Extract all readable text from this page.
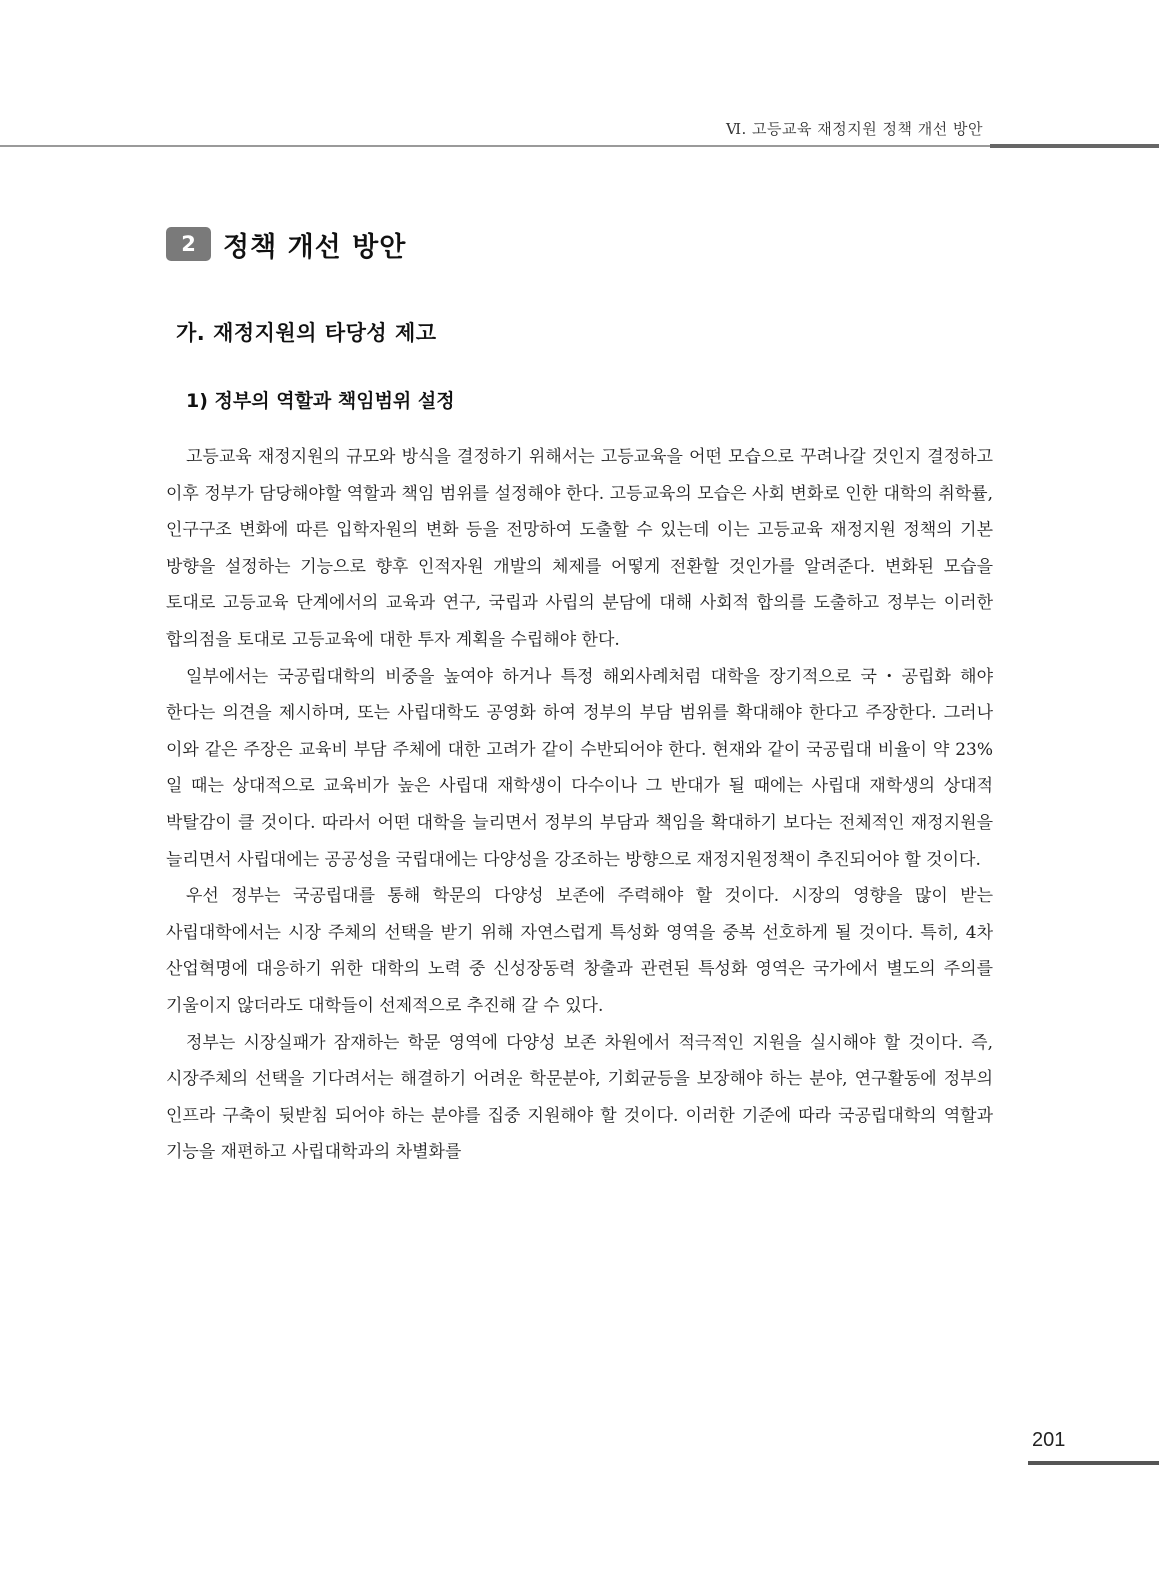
Ⅵ. 고등교육 재정지원 정책 개선 방안
2	정책 개선 방안
가. 재정지원의 타당성 제고
1) 정부의 역할과 책임범위 설정

고등교육 재정지원의 규모와 방식을 결정하기 위해서는 고등교육을 어떤 모습으로 꾸려나갈 것인지 결정하고 이후 정부가 담당해야할 역할과 책임 범위를 설정해야 한다. 고등교육의 모습은 사회 변화로 인한 대학의 취학률, 인구구조 변화에 따른 입학자원의 변화 등을 전망하여 도출할 수 있는데 이는 고등교육 재정지원 정책의 기본 방향을 설정하는 기능으로 향후 인적자원 개발의 체제를 어떻게 전환할 것인가를 알려준다. 변화된 모습을 토대로 고등교육 단계에서의 교육과 연구, 국립과 사립의 분담에 대해 사회적 합의를 도출하고 정부는 이러한 합의점을 토대로 고등교육에 대한 투자 계획을 수립해야 한다.

일부에서는 국공립대학의 비중을 높여야 하거나 특정 해외사례처럼 대학을 장기적으로 국・공립화 해야 한다는 의견을 제시하며, 또는 사립대학도 공영화 하여 정부의 부담 범위를 확대해야 한다고 주장한다. 그러나 이와 같은 주장은 교육비 부담 주체에 대한 고려가 같이 수반되어야 한다. 현재와 같이 국공립대 비율이 약 23%일 때는 상대적으로 교육비가 높은 사립대 재학생이 다수이나 그 반대가 될 때에는 사립대 재학생의 상대적 박탈감이 클 것이다. 따라서 어떤 대학을 늘리면서 정부의 부담과 책임을 확대하기 보다는 전체적인 재정지원을 늘리면서 사립대에는 공공성을 국립대에는 다양성을 강조하는 방향으로 재정지원정책이 추진되어야 할 것이다.

우선 정부는 국공립대를 통해 학문의 다양성 보존에 주력해야 할 것이다. 시장의 영향을 많이 받는 사립대학에서는 시장 주체의 선택을 받기 위해 자연스럽게 특성화 영역을 중복 선호하게 될 것이다. 특히, 4차 산업혁명에 대응하기 위한 대학의 노력 중 신성장동력 창출과 관련된 특성화 영역은 국가에서 별도의 주의를 기울이지 않더라도 대학들이 선제적으로 추진해 갈 수 있다.

정부는 시장실패가 잠재하는 학문 영역에 다양성 보존 차원에서 적극적인 지원을 실시해야 할 것이다. 즉, 시장주체의 선택을 기다려서는 해결하기 어려운 학문분야, 기회균등을 보장해야 하는 분야, 연구활동에 정부의 인프라 구축이 뒷받침 되어야 하는 분야를 집중 지원해야 할 것이다. 이러한 기준에 따라 국공립대학의 역할과 기능을 재편하고 사립대학과의 차별화를

201
